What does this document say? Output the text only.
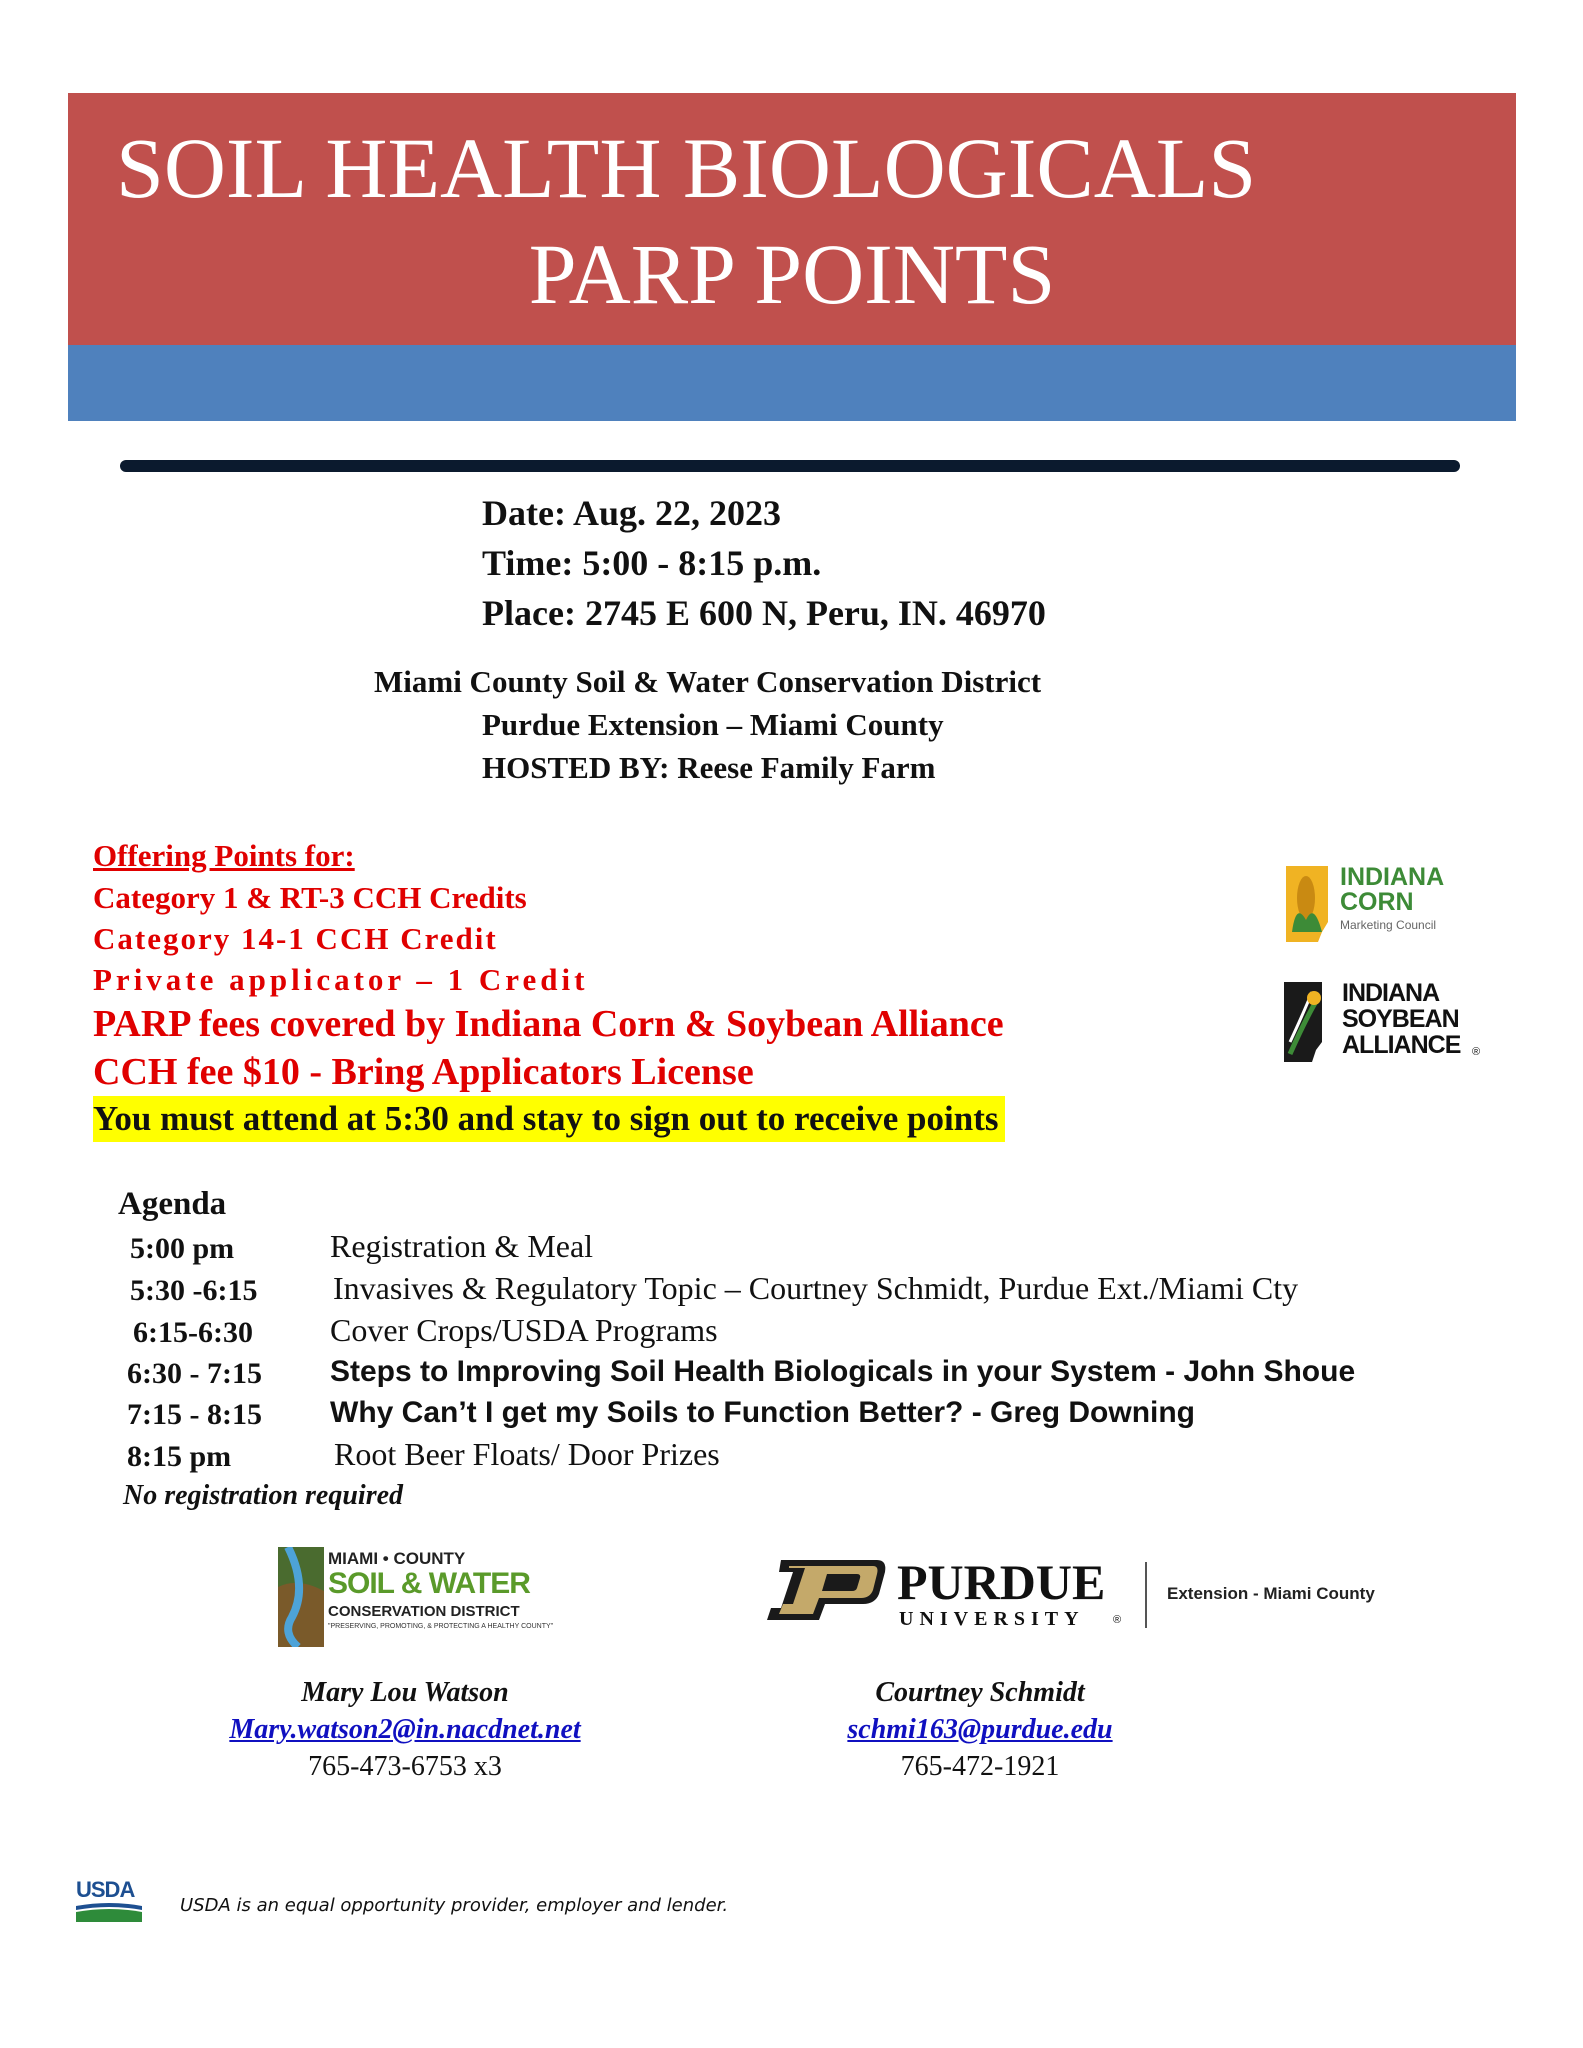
SOIL HEALTH BIOLOGICALS
PARP POINTS
Date: Aug. 22, 2023
Time: 5:00 - 8:15 p.m.
Place: 2745 E 600 N, Peru, IN. 46970
Miami County Soil & Water Conservation District
Purdue Extension – Miami County
HOSTED BY: Reese Family Farm
Offering Points for:
Category 1 & RT-3 CCH Credits
Category 14-1 CCH Credit
Private applicator – 1 Credit
PARP fees covered by Indiana Corn & Soybean Alliance
CCH fee $10 - Bring Applicators License
You must attend at 5:30 and stay to sign out to receive points
INDIANA
CORN
Marketing Council
INDIANA
SOYBEAN
ALLIANCE ®
Agenda
5:00 pm	Registration & Meal
5:30 -6:15 Invasives & Regulatory Topic – Courtney Schmidt, Purdue Ext./Miami Cty
6:15-6:30 Cover Crops/USDA Programs
6:30 - 7:15 Steps to Improving Soil Health Biologicals in your System - John Shoue
7:15 - 8:15 Why Can’t I get my Soils to Function Better? - Greg Downing
8:15 pm	Root Beer Floats/ Door Prizes
No registration required
MIAMI • COUNTY
SOIL & WATER
CONSERVATION DISTRICT
"PRESERVING, PROMOTING, & PROTECTING A HEALTHY COUNTY"
PURDUE
UNIVERSITY	®
Extension - Miami County
Mary Lou Watson
Mary.watson2@in.nacdnet.net
765-473-6753 x3
Courtney Schmidt
schmi163@purdue.edu
765-472-1921
USDA
USDA is an equal opportunity provider, employer and lender.
